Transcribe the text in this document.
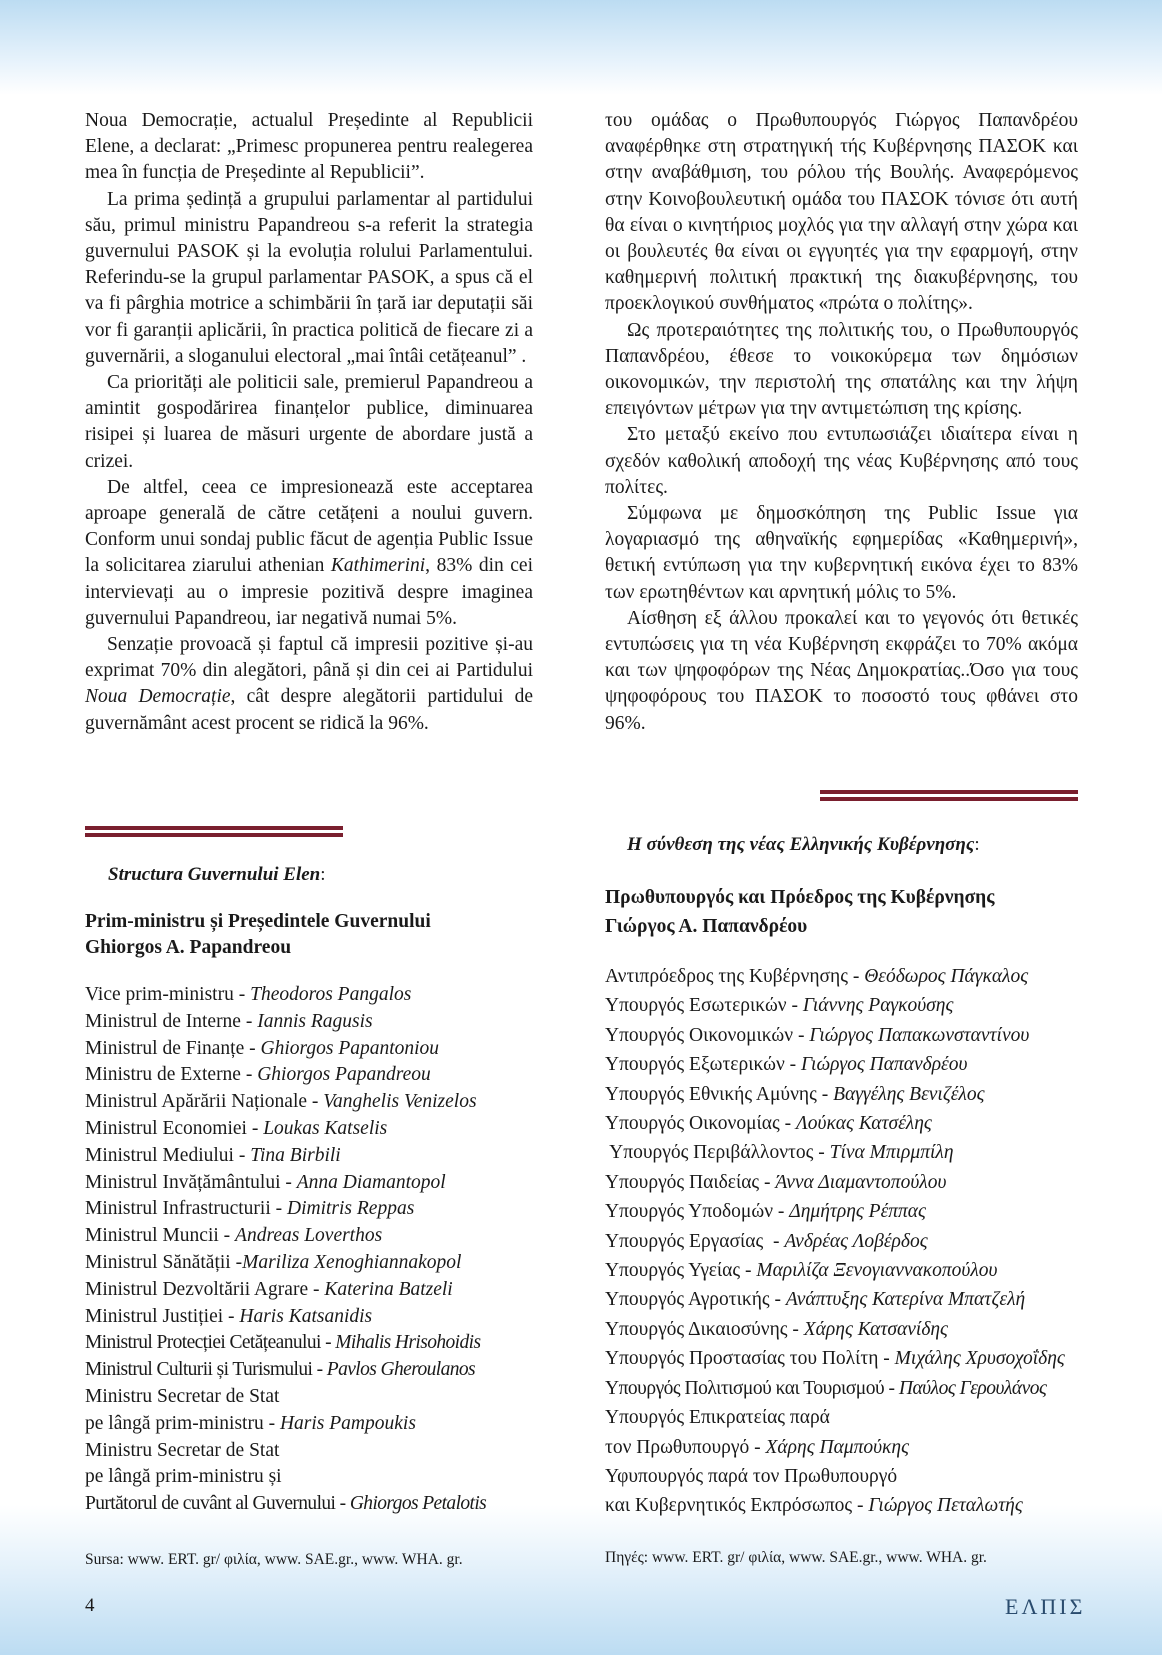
Noua Democrație, actualul Președinte al Republicii Elene, a declarat: „Primesc propunerea pentru realegerea mea în funcția de Președinte al Republicii”.

La prima ședință a grupului parlamentar al partidului său, primul ministru Papandreou s-a referit la strategia guvernului PASOK și la evoluția rolului Parlamentului. Referindu-se la grupul parlamentar PASOK, a spus că el va fi pârghia motrice a schimbării în țară iar deputații săi vor fi garanții aplicării, în practica politică de fiecare zi a guvernării, a sloganului electoral „mai întâi cetățeanul” .

Ca priorități ale politicii sale, premierul Papandreou a amintit gospodărirea finanțelor publice, diminuarea risipei și luarea de măsuri urgente de abordare justă a crizei.

De altfel, ceea ce impresionează este acceptarea aproape generală de către cetățeni a noului guvern. Conform unui sondaj public făcut de agenția Public Issue la solicitarea ziarului athenian Kathimerini, 83% din cei intervievați au o impresie pozitivă despre imaginea guvernului Papandreou, iar negativă numai 5%.

Senzație provoacă și faptul că impresii pozitive și-au exprimat 70% din alegători, până și din cei ai Partidului Noua Democrație, cât despre alegătorii partidului de guvernământ acest procent se ridică la 96%.

του ομάδας ο Πρωθυπουργός Γιώργος Παπανδρέου αναφέρθηκε στη στρατηγική τής Κυβέρνησης ΠΑΣΟΚ και στην αναβάθμιση, του ρόλου τής Βουλής. Αναφερόμενος στην Κοινοβουλευτική ομάδα του ΠΑΣΟΚ τόνισε ότι αυτή θα είναι ο κινητήριος μοχλός για την αλλαγή στην χώρα και οι βουλευτές θα είναι οι εγγυητές για την εφαρμογή, στην καθημερινή πολιτική πρακτική της διακυβέρνησης, του προεκλογικού συνθήματος «πρώτα ο πολίτης».

Ως προτεραιότητες της πολιτικής του, ο Πρωθυπουργός Παπανδρέου, έθεσε το νοικοκύρεμα των δημόσιων οικονομικών, την περιστολή της σπατάλης και την λήψη επειγόντων μέτρων για την αντιμετώπιση της κρίσης.

Στο μεταξύ εκείνο που εντυπωσιάζει ιδιαίτερα είναι η σχεδόν καθολική αποδοχή της νέας Κυβέρνησης από τους πολίτες.

Σύμφωνα με δημοσκόπηση της Public Issue για λογαριασμό της αθηναϊκής εφημερίδας «Καθημερινή», θετική εντύπωση για την κυβερνητική εικόνα έχει το 83% των ερωτηθέντων και αρνητική μόλις το 5%.

Αίσθηση εξ άλλου προκαλεί και το γεγονός ότι θετικές εντυπώσεις για τη νέα Κυβέρνηση εκφράζει το 70% ακόμα και των ψηφοφόρων της Νέας Δημοκρατίας..Όσο για τους ψηφοφόρους του ΠΑΣΟΚ το ποσοστό τους φθάνει στο 96%.

Structura Guvernului Elen:
Prim-ministru și Președintele Guvernului
Ghiorgos A. Papandreou
Vice prim-ministru - Theodoros Pangalos
Ministrul de Interne - Iannis Ragusis
Ministrul de Finanțe - Ghiorgos Papantoniou
Ministru de Externe - Ghiorgos Papandreou
Ministrul Apărării Naționale - Vanghelis Venizelos
Ministrul Economiei - Loukas Katselis
Ministrul Mediului - Tina Birbili
Ministrul Invățământului - Anna Diamantopol
Ministrul Infrastructurii - Dimitris Reppas
Ministrul Muncii - Andreas Loverthos
Ministrul Sănătății -Mariliza Xenoghiannakopol
Ministrul Dezvoltării Agrare - Katerina Batzeli
Ministrul Justiției - Haris Katsanidis
Ministrul Protecției Cetățeanului - Mihalis Hrisohoidis
Ministrul Culturii și Turismului - Pavlos Gheroulanos
Ministru Secretar de Stat
pe lângă prim-ministru - Haris Pampoukis
Ministru Secretar de Stat
pe lângă prim-ministru și
Purtătorul de cuvânt al Guvernului - Ghiorgos Petalotis
Sursa: www. ERT. gr/ φιλία, www. SAE.gr., www. WHA. gr.
Η σύνθεση της νέας Ελληνικής Κυβέρνησης:
Πρωθυπουργός και Πρόεδρος της Κυβέρνησης
Γιώργος Α. Παπανδρέου
Αντιπρόεδρος της Κυβέρνησης - Θεόδωρος Πάγκαλος
Υπουργός Εσωτερικών - Γιάννης Ραγκούσης
Υπουργός Οικονομικών - Γιώργος Παπακωνσταντίνου
Υπουργός Εξωτερικών - Γιώργος Παπανδρέου
Υπουργός Εθνικής Αμύνης - Βαγγέλης Βενιζέλος
Υπουργός Οικονομίας - Λούκας Κατσέλης
Υπουργός Περιβάλλοντος - Τίνα Μπιρμπίλη
Υπουργός Παιδείας - Άννα Διαμαντοπούλου
Υπουργός Υποδομών - Δημήτρης Ρέππας
Υπουργός Εργασίας  - Ανδρέας Λοβέρδος
Υπουργός Υγείας - Μαριλίζα Ξενογιαννακοπούλου
Υπουργός Αγροτικής - Ανάπτυξης Κατερίνα Μπατζελή
Υπουργός Δικαιοσύνης - Χάρης Κατσανίδης
Υπουργός Προστασίας του Πολίτη - Μιχάλης Χρυσοχοΐδης
Υπουργός Πολιτισμού και Τουρισμού - Παύλος Γερουλάνος
Υπουργός Επικρατείας παρά
τον Πρωθυπουργό - Χάρης Παμπούκης
Υφυπουργός παρά τον Πρωθυπουργό
και Κυβερνητικός Εκπρόσωπος - Γιώργος Πεταλωτής
Πηγές: www. ERT. gr/ φιλία, www. SAE.gr., www. WHA. gr.
4	ΕΛΠΙΣ
